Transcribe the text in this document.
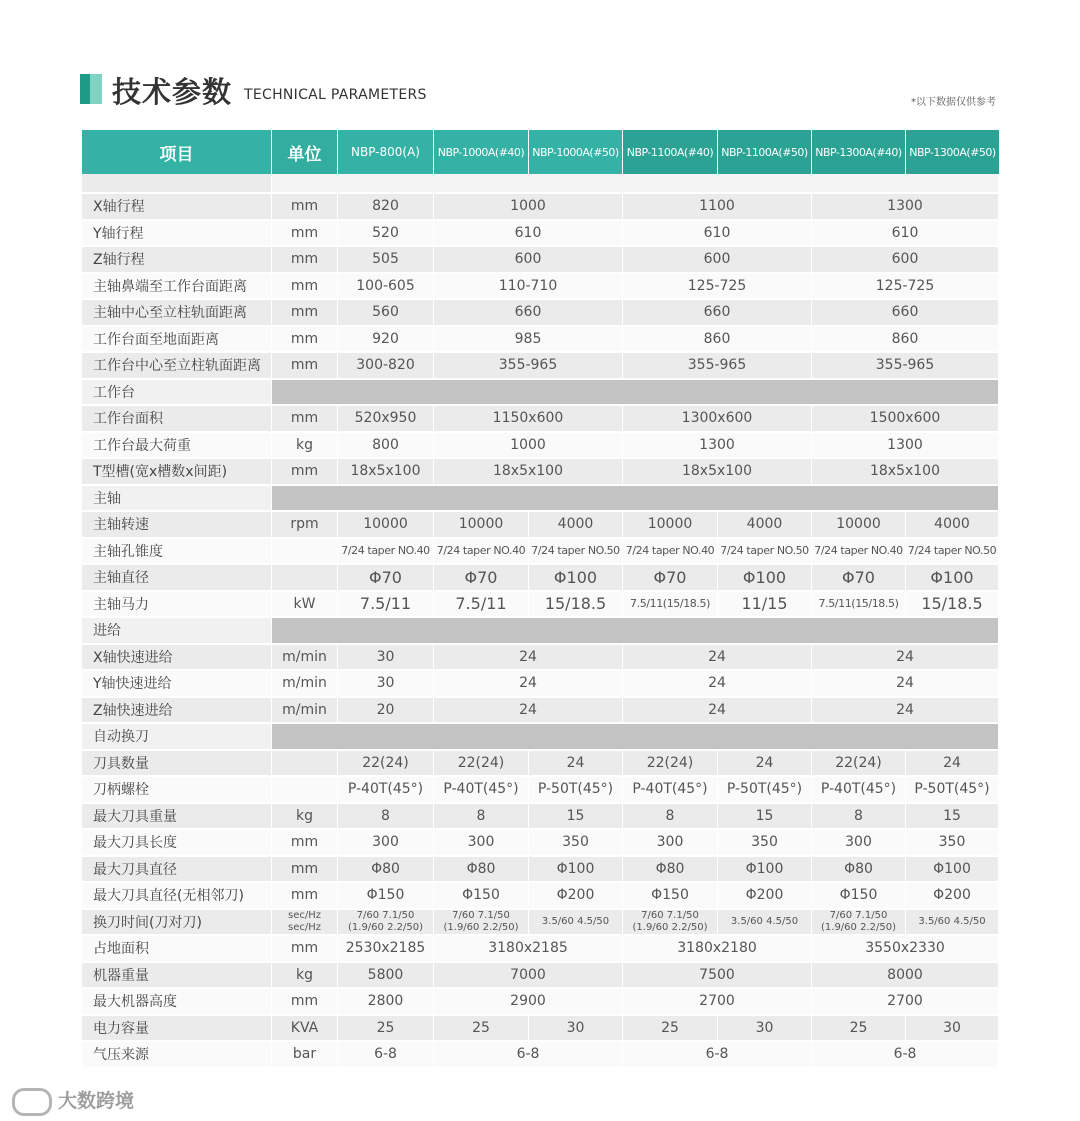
技术参数 TECHNICAL PARAMETERS	*以下数据仅供参考
项目	单位	NBP-800(A)	NBP-1000A(#40)	NBP-1000A(#50)	NBP-1100A(#40)	NBP-1100A(#50)	NBP-1300A(#40)	NBP-1300A(#50)

X轴行程	mm	820	1000		1100		1300	
Y轴行程	mm	520	610		610		610	
Z轴行程	mm	505	600		600		600	
主轴鼻端至工作台面距离	mm	100-605	110-710		125-725		125-725	
主轴中心至立柱轨面距离	mm	560	660		660		660	
工作台面至地面距离	mm	920	985		860		860	
工作台中心至立柱轨面距离	mm	300-820	355-965		355-965		355-965	
工作台								
工作台面积	mm	520x950	1150x600		1300x600		1500x600	
工作台最大荷重	kg	800	1000		1300		1300	
T型槽(宽x槽数x间距)	mm	18x5x100	18x5x100		18x5x100		18x5x100	
主轴								
主轴转速	rpm	10000	10000	4000	10000	4000	10000	4000
主轴孔锥度		7/24 taper NO.40	7/24 taper NO.40	7/24 taper NO.50	7/24 taper NO.40	7/24 taper NO.50	7/24 taper NO.40	7/24 taper NO.50
主轴直径		Φ70	Φ70	Φ100	Φ70	Φ100	Φ70	Φ100
主轴马力	kW	7.5/11	7.5/11	15/18.5	7.5/11(15/18.5)	11/15	7.5/11(15/18.5)	15/18.5
进给								
X轴快速进给	m/min	30	24		24		24	
Y轴快速进给	m/min	30	24		24		24	
Z轴快速进给	m/min	20	24		24		24	
自动换刀								
刀具数量		22(24)	22(24)	24	22(24)	24	22(24)	24
刀柄螺栓		P-40T(45°)	P-40T(45°)	P-50T(45°)	P-40T(45°)	P-50T(45°)	P-40T(45°)	P-50T(45°)
最大刀具重量	kg	8	8	15	8	15	8	15
最大刀具长度	mm	300	300	350	300	350	300	350
最大刀具直径	mm	Φ80	Φ80	Φ100	Φ80	Φ100	Φ80	Φ100
最大刀具直径(无相邻刀)	mm	Φ150	Φ150	Φ200	Φ150	Φ200	Φ150	Φ200
换刀时间(刀对刀)	sec/Hz sec/Hz	7/60 7.1/50 (1.9/60 2.2/50)	7/60 7.1/50 (1.9/60 2.2/50)	3.5/60 4.5/50	7/60 7.1/50 (1.9/60 2.2/50)	3.5/60 4.5/50	7/60 7.1/50 (1.9/60 2.2/50)	3.5/60 4.5/50
占地面积	mm	2530x2185	3180x2185		3180x2180		3550x2330	
机器重量	kg	5800	7000		7500		8000	
最大机器高度	mm	2800	2900		2700		2700	
电力容量	KVA	25	25	30	25	30	25	30
气压来源	bar	6-8	6-8		6-8		6-8	
大数跨境
